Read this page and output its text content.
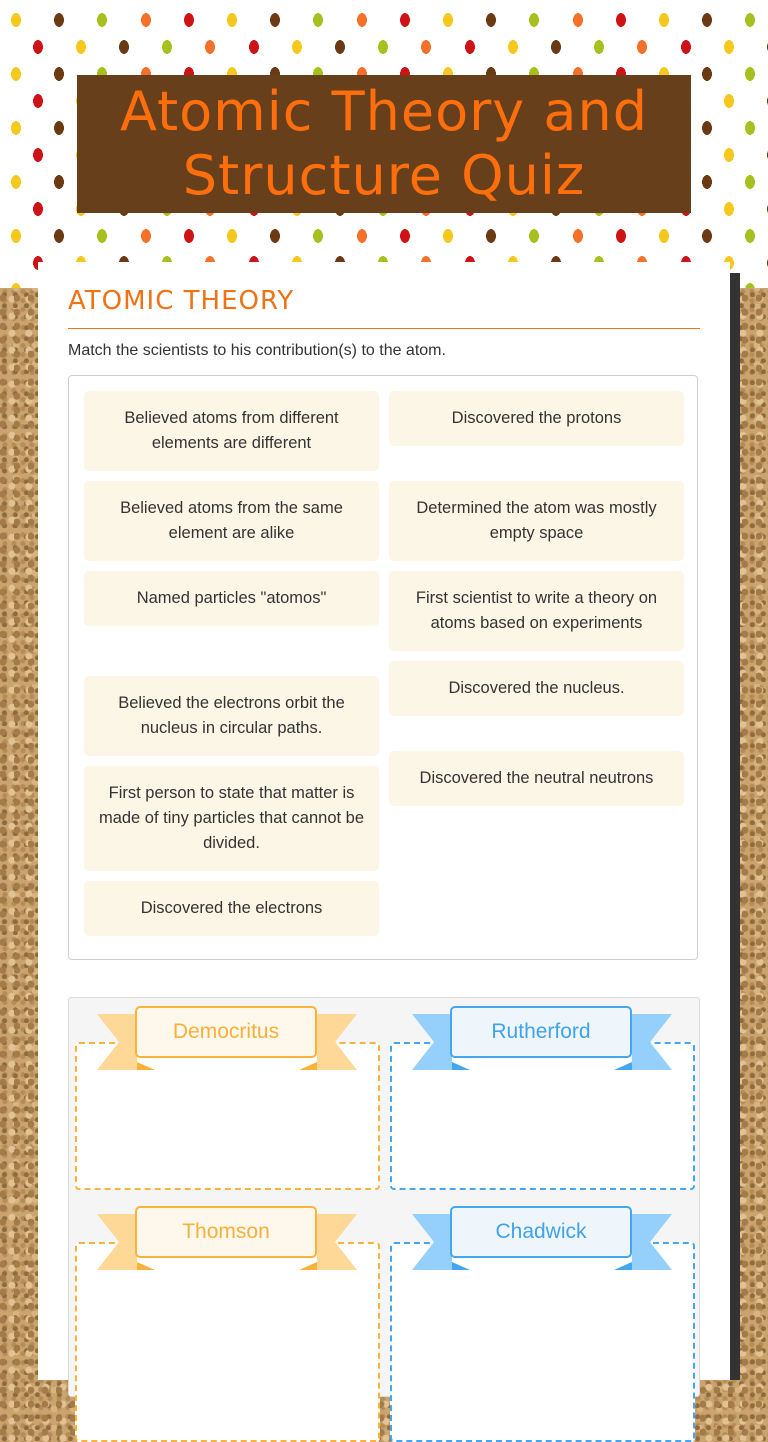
Atomic Theory and Structure Quiz
ATOMIC THEORY
Match the scientists to his contribution(s) to the atom.
Believed atoms from different elements are different
Believed atoms from the same element are alike
Named particles "atomos"
Believed the electrons orbit the nucleus in circular paths.
First person to state that matter is made of tiny particles that cannot be divided.
Discovered the electrons
Discovered the protons
Determined the atom was mostly empty space
First scientist to write a theory on atoms based on experiments
Discovered the nucleus.
Discovered the neutral neutrons
Democritus	Rutherford
Thomson	Chadwick
